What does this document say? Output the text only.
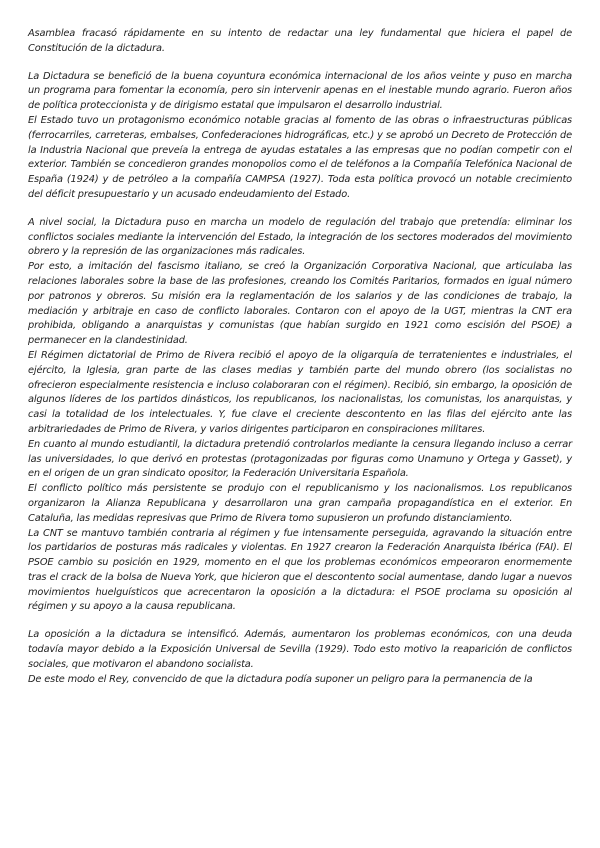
Asamblea fracasó rápidamente en su intento de redactar una ley fundamental que hiciera el papel de Constitución de la dictadura.

La Dictadura se benefició de la buena coyuntura económica internacional de los años veinte y puso en marcha un programa para fomentar la economía, pero sin intervenir apenas en el inestable mundo agrario. Fueron años de política proteccionista y de dirigismo estatal que impulsaron el desarrollo industrial.

El Estado tuvo un protagonismo económico notable gracias al fomento de las obras o infraestructuras públicas (ferrocarriles, carreteras, embalses, Confederaciones hidrográficas, etc.) y se aprobó un Decreto de Protección de la Industria Nacional que preveía la entrega de ayudas estatales a las empresas que no podían competir con el exterior. También se concedieron grandes monopolios como el de teléfonos a la Compañía Telefónica Nacional de España (1924) y de petróleo a la compañía CAMPSA (1927). Toda esta política provocó un notable crecimiento del déficit presupuestario y un acusado endeudamiento del Estado.

A nivel social, la Dictadura puso en marcha un modelo de regulación del trabajo que pretendía: eliminar los conflictos sociales mediante la intervención del Estado, la integración de los sectores moderados del movimiento obrero y la represión de las organizaciones más radicales.

Por esto, a imitación del fascismo italiano, se creó la Organización Corporativa Nacional, que articulaba las relaciones laborales sobre la base de las profesiones, creando los Comités Paritarios, formados en igual número por patronos y obreros. Su misión era la reglamentación de los salarios y de las condiciones de trabajo, la mediación y arbitraje en caso de conflicto laborales. Contaron con el apoyo de la UGT, mientras la CNT era prohibida, obligando a anarquistas y comunistas (que habían surgido en 1921 como escisión del PSOE) a permanecer en la clandestinidad.

El Régimen dictatorial de Primo de Rivera recibió el apoyo de la oligarquía de terratenientes e industriales, el ejército, la Iglesia, gran parte de las clases medias y también parte del mundo obrero (los socialistas no ofrecieron especialmente resistencia e incluso colaboraran con el régimen). Recibió, sin embargo, la oposición de algunos líderes de los partidos dinásticos, los republicanos, los nacionalistas, los comunistas, los anarquistas, y casi la totalidad de los intelectuales. Y, fue clave el creciente descontento en las filas del ejército ante las arbitrariedades de Primo de Rivera, y varios dirigentes participaron en conspiraciones militares.

En cuanto al mundo estudiantil, la dictadura pretendió controlarlos mediante la censura llegando incluso a cerrar las universidades, lo que derivó en protestas (protagonizadas por figuras como Unamuno y Ortega y Gasset), y en el origen de un gran sindicato opositor, la Federación Universitaria Española.

El conflicto político más persistente se produjo con el republicanismo y los nacionalismos. Los republicanos organizaron la Alianza Republicana y desarrollaron una gran campaña propagandística en el exterior. En Cataluña, las medidas represivas que Primo de Rivera tomo supusieron un profundo distanciamiento.

La CNT se mantuvo también contraria al régimen y fue intensamente perseguida, agravando la situación entre los partidarios de posturas más radicales y violentas. En 1927 crearon la Federación Anarquista Ibérica (FAI). El PSOE cambio su posición en 1929, momento en el que los problemas económicos empeoraron enormemente tras el crack de la bolsa de Nueva York, que hicieron que el descontento social aumentase, dando lugar a nuevos movimientos huelguísticos que acrecentaron la oposición a la dictadura: el PSOE proclama su oposición al régimen y su apoyo a la causa republicana.

La oposición a la dictadura se intensificó. Además, aumentaron los problemas económicos, con una deuda todavía mayor debido a la Exposición Universal de Sevilla (1929). Todo esto motivo la reaparición de conflictos sociales, que motivaron el abandono socialista.

De este modo el Rey, convencido de que la dictadura podía suponer un peligro para la permanencia de la
